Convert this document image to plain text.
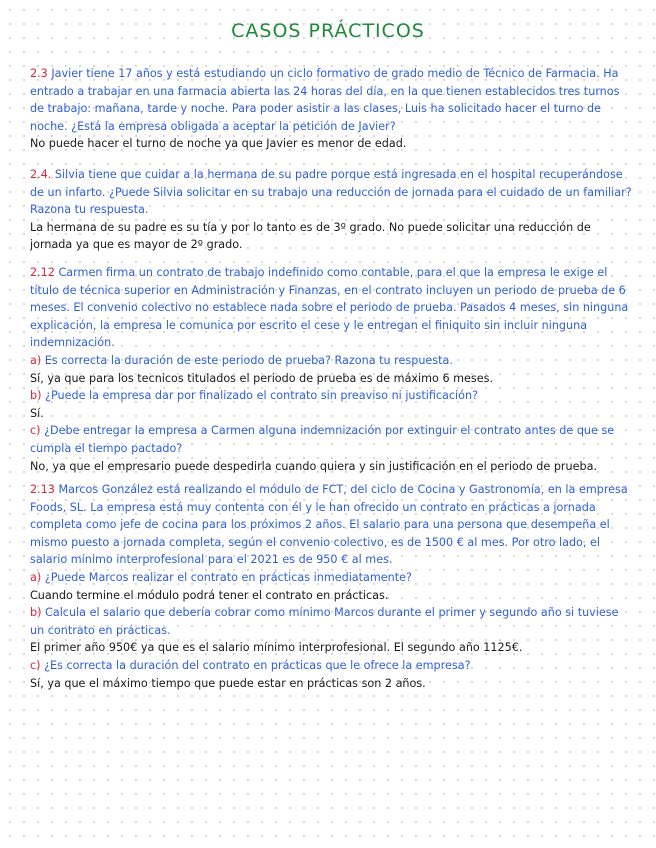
CASOS PRÁCTICOS

2.3 Javier tiene 17 años y está estudiando un ciclo formativo de grado medio de Técnico de Farmacia. Ha entrado a trabajar en una farmacia abierta las 24 horas del día, en la que tienen establecidos tres turnos de trabajo: mañana, tarde y noche. Para poder asistir a las clases, Luis ha solicitado hacer el turno de noche. ¿Está la empresa obligada a aceptar la petición de Javier?

No puede hacer el turno de noche ya que Javier es menor de edad.

2.4. Silvia tiene que cuidar a la hermana de su padre porque está ingresada en el hospital recuperándose de un infarto. ¿Puede Silvia solicitar en su trabajo una reducción de jornada para el cuidado de un familiar? Razona tu respuesta.

La hermana de su padre es su tía y por lo tanto es de 3º grado. No puede solicitar una reducción de jornada ya que es mayor de 2º grado.

2.12 Carmen firma un contrato de trabajo indefinido como contable, para el que la empresa le exige el título de técnica superior en Administración y Finanzas, en el contrato incluyen un periodo de prueba de 6 meses. El convenio colectivo no establece nada sobre el periodo de prueba. Pasados 4 meses, sin ninguna explicación, la empresa le comunica por escrito el cese y le entregan el finiquito sin incluir ninguna indemnización.

a) Es correcta la duración de este periodo de prueba? Razona tu respuesta.

Sí, ya que para los tecnicos titulados el periodo de prueba es de máximo 6 meses.

b) ¿Puede la empresa dar por finalizado el contrato sin preaviso ni justificación?

Sí.

c) ¿Debe entregar la empresa a Carmen alguna indemnización por extinguir el contrato antes de que se cumpla el tiempo pactado?

No, ya que el empresario puede despedirla cuando quiera y sin justificación en el periodo de prueba.

2.13 Marcos González está realizando el módulo de FCT, del ciclo de Cocina y Gastronomía, en la empresa Foods, SL. La empresa está muy contenta con él y le han ofrecido un contrato en prácticas a jornada completa como jefe de cocina para los próximos 2 años. El salario para una persona que desempeña el mismo puesto a jornada completa, según el convenio colectivo, es de 1500 € al mes. Por otro lado, el salario mínimo interprofesional para el 2021 es de 950 € al mes.

a) ¿Puede Marcos realizar el contrato en prácticas inmediatamente?

Cuando termine el módulo podrá tener el contrato en prácticas.

b) Calcula el salario que debería cobrar como mínimo Marcos durante el primer y segundo año si tuviese un contrato en prácticas.

El primer año 950€ ya que es el salario mínimo interprofesional. El segundo año 1125€.

c) ¿Es correcta la duración del contrato en prácticas que le ofrece la empresa?

Sí, ya que el máximo tiempo que puede estar en prácticas son 2 años.
